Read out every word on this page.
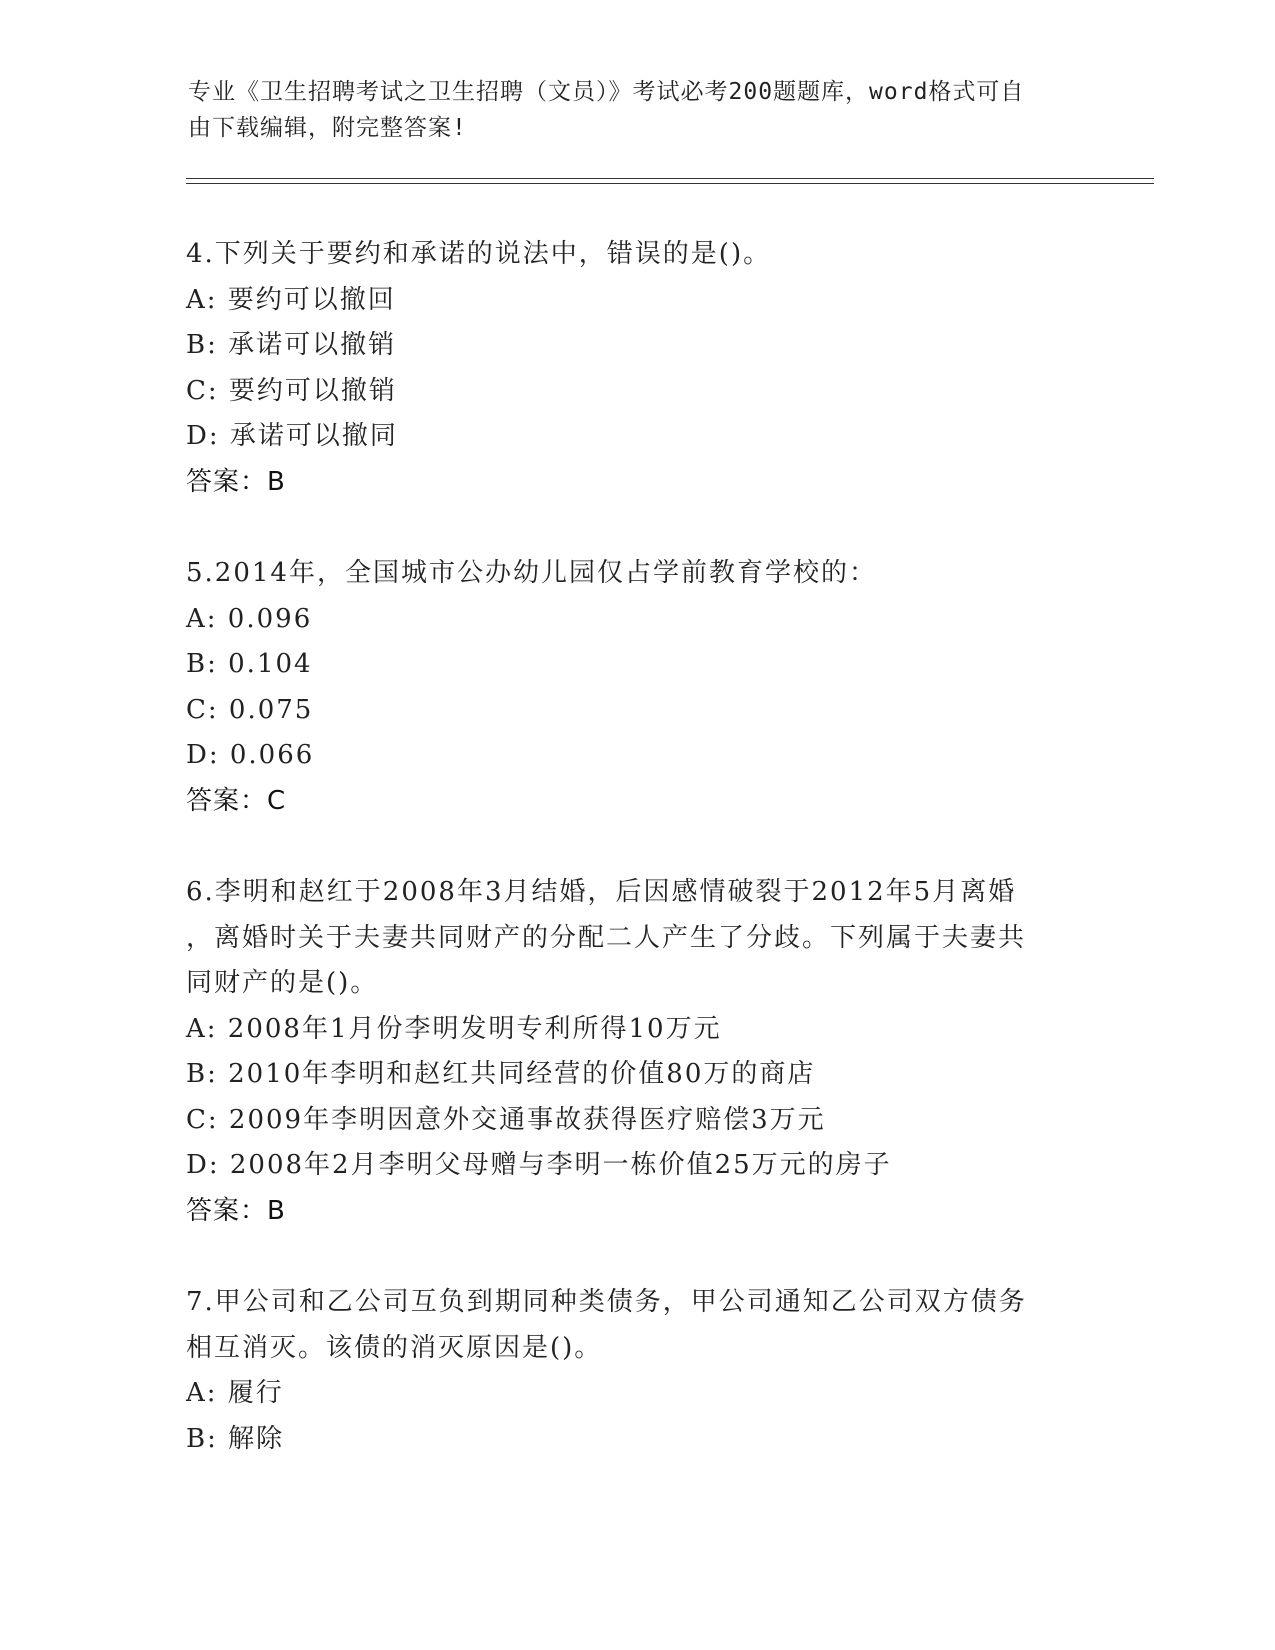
专业《卫生招聘考试之卫生招聘（文员）》考试必考200题题库，word格式可自
由下载编辑，附完整答案!
4.下列关于要约和承诺的说法中，错误的是()。
A: 要约可以撤回
B: 承诺可以撤销
C: 要约可以撤销
D: 承诺可以撤同
答案：B
5.2014年，全国城市公办幼儿园仅占学前教育学校的：
A: 0.096
B: 0.104
C: 0.075
D: 0.066
答案：C
6.李明和赵红于2008年3月结婚，后因感情破裂于2012年5月离婚
，离婚时关于夫妻共同财产的分配二人产生了分歧。下列属于夫妻共
同财产的是()。
A: 2008年1月份李明发明专利所得10万元
B: 2010年李明和赵红共同经营的价值80万的商店
C: 2009年李明因意外交通事故获得医疗赔偿3万元
D: 2008年2月李明父母赠与李明一栋价值25万元的房子
答案：B
7.甲公司和乙公司互负到期同种类债务，甲公司通知乙公司双方债务
相互消灭。该债的消灭原因是()。
A: 履行
B: 解除
